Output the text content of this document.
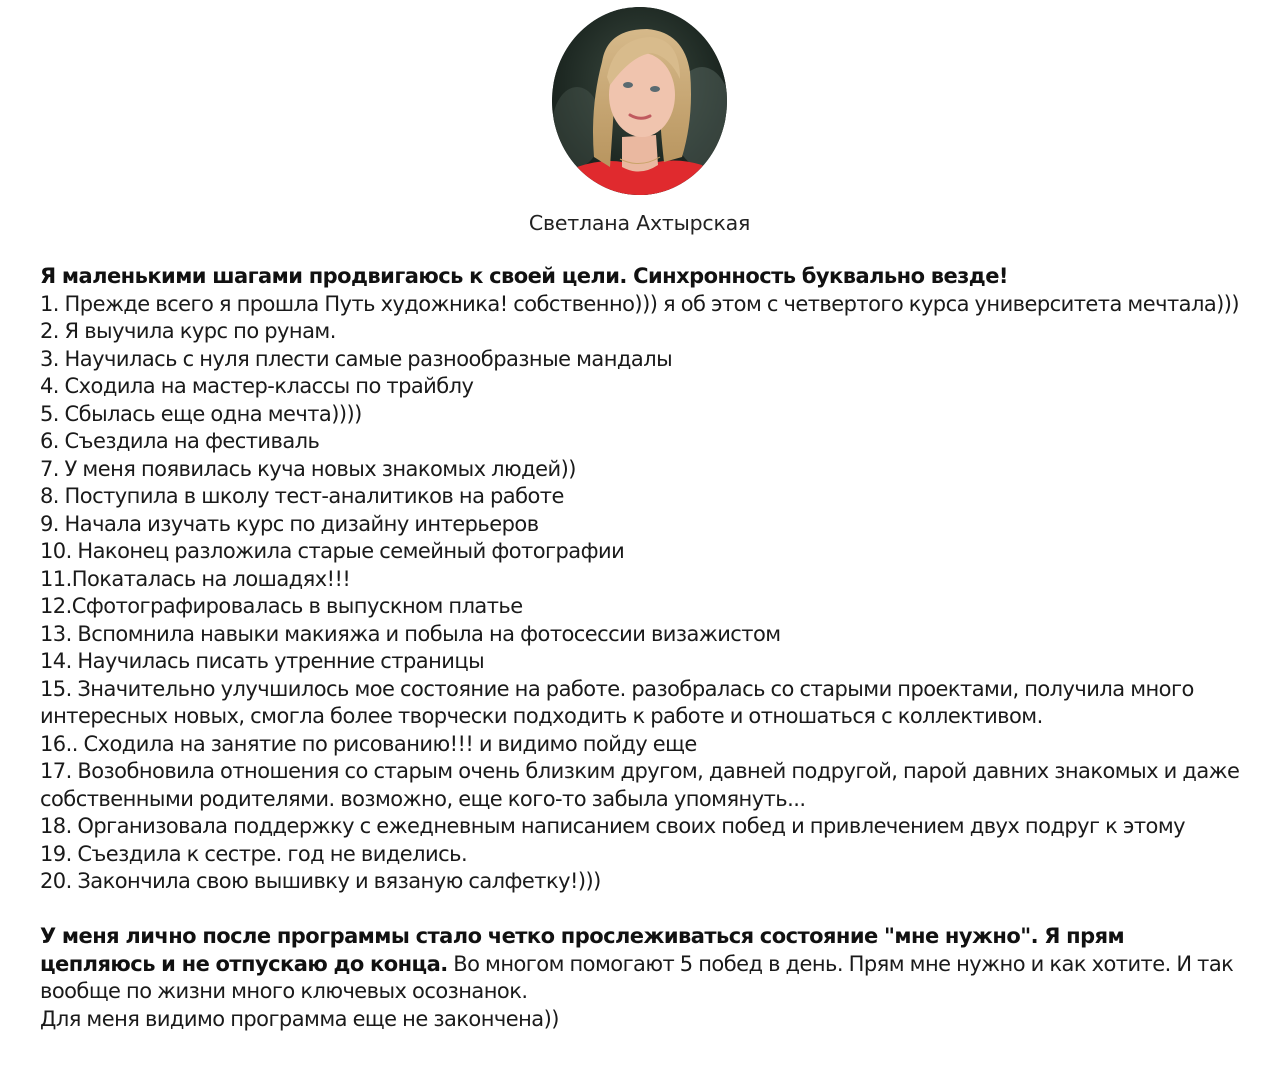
Светлана Ахтырская

Я маленькими шагами продвигаюсь к своей цели. Синхронность буквально везде!

1. Прежде всего я прошла Путь художника! собственно))) я об этом с четвертого курса университета мечтала)))

2. Я выучила курс по рунам.

3. Научилась с нуля плести самые разнообразные мандалы

4. Сходила на мастер-классы по трайблу

5. Сбылась еще одна мечта))))

6. Съездила на фестиваль

7. У меня появилась куча новых знакомых людей))

8. Поступила в школу тест-аналитиков на работе

9. Начала изучать курс по дизайну интерьеров

10. Наконец разложила старые семейный фотографии

11.Покаталась на лошадях!!!

12.Сфотографировалась в выпускном платье

13. Вспомнила навыки макияжа и побыла на фотосессии визажистом

14. Научилась писать утренние страницы

15. Значительно улучшилось мое состояние на работе. разобралась со старыми проектами, получила много интересных новых, смогла более творчески подходить к работе и отношаться с коллективом.

16.. Сходила на занятие по рисованию!!! и видимо пойду еще

17. Возобновила отношения со старым очень близким другом, давней подругой, парой давних знакомых и даже собственными родителями. возможно, еще кого-то забыла упомянуть...

18. Организовала поддержку с ежедневным написанием своих побед и привлечением двух подруг к этому

19. Съездила к сестре. год не виделись.

20. Закончила свою вышивку и вязаную салфетку!)))

У меня лично после программы стало четко прослеживаться состояние "мне нужно". Я прям цепляюсь и не отпускаю до конца. Во многом помогают 5 побед в день. Прям мне нужно и как хотите. И так вообще по жизни много ключевых осознанок.

Для меня видимо программа еще не закончена))
